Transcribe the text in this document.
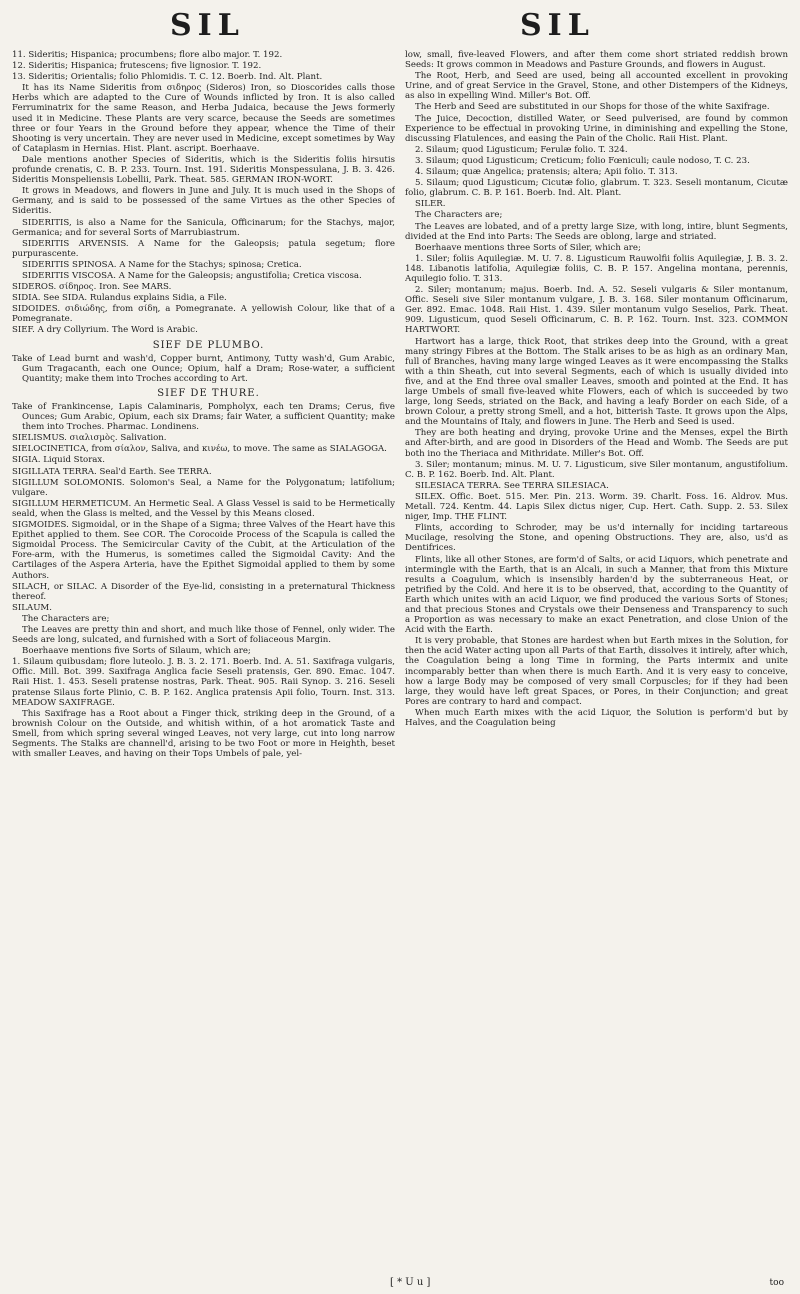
SIL	SIL

11. Sideritis; Hispanica; procumbens; flore albo major. T. 192.

12. Sideritis; Hispanica; frutescens; five lignosior. T. 192.

13. Sideritis; Orientalis; folio Phlomidis. T. C. 12. Boerb. Ind. Alt. Plant.

It has its Name Sideritis from σιδηρος (Sideros) Iron, so Dioscorides calls those Herbs which are adapted to the Cure of Wounds inflicted by Iron. It is also called Ferruminatrix for the same Reason, and Herba Judaica, because the Jews formerly used it in Medicine. These Plants are very scarce, because the Seeds are sometimes three or four Years in the Ground before they appear, whence the Time of their Shooting is very uncertain. They are never used in Medicine, except sometimes by Way of Cataplasm in Hernias. Hist. Plant. ascript. Boerhaave.

Dale mentions another Species of Sideritis, which is the Sideritis foliis hirsutis profunde crenatis, C. B. P. 233. Tourn. Inst. 191. Sideritis Monspessulana, J. B. 3. 426. Sideritis Monspeliensis Lobellii, Park. Theat. 585. GERMAN IRON-WORT.

It grows in Meadows, and flowers in June and July. It is much used in the Shops of Germany, and is said to be possessed of the same Virtues as the other Species of Sideritis.

SIDERITIS, is also a Name for the Sanicula, Officinarum; for the Stachys, major, Germanica; and for several Sorts of Marrubiastrum.

SIDERITIS ARVENSIS. A Name for the Galeopsis; patula segetum; flore purpurascente.

SIDERITIS SPINOSA. A Name for the Stachys; spinosa; Cretica.

SIDERITIS VISCOSA. A Name for the Galeopsis; angustifolia; Cretica viscosa.

SIDEROS. σίδηρος. Iron. See MARS.

SIDIA. See SIDA. Rulandus explains Sidia, a File.

SIDOIDES. σιδιώδης, from σίδη, a Pomegranate. A yellowish Colour, like that of a Pomegranate.

SIEF. A dry Collyrium. The Word is Arabic.

SIEF DE PLUMBO.

Take of Lead burnt and wash'd, Copper burnt, Antimony, Tutty wash'd, Gum Arabic, Gum Tragacanth, each one Ounce; Opium, half a Dram; Rose-water, a sufficient Quantity; make them into Troches according to Art.

SIEF DE THURE.

Take of Frankincense, Lapis Calaminaris, Pompholyx, each ten Drams; Cerus, five Ounces; Gum Arabic, Opium, each six Drams; fair Water, a sufficient Quantity; make them into Troches. Pharmac. Londinens.

SIELISMUS. σιαλισμὸς. Salivation.

SIELOCINETICA, from σίαλον, Saliva, and κινέω, to move. The same as SIALAGOGA.

SIGIA. Liquid Storax.

SIGILLATA TERRA. Seal'd Earth. See TERRA.

SIGILLUM SOLOMONIS. Solomon's Seal, a Name for the Polygonatum; latifolium; vulgare.

SIGILLUM HERMETICUM. An Hermetic Seal. A Glass Vessel is said to be Hermetically seald, when the Glass is melted, and the Vessel by this Means closed.

SIGMOIDES. Sigmoidal, or in the Shape of a Sigma; three Valves of the Heart have this Epithet applied to them. See COR. The Corocoide Process of the Scapula is called the Sigmoidal Process. The Semicircular Cavity of the Cubit, at the Articulation of the Fore-arm, with the Humerus, is sometimes called the Sigmoidal Cavity: And the Cartilages of the Aspera Arteria, have the Epithet Sigmoidal applied to them by some Authors.

SILACH, or SILAC. A Disorder of the Eye-lid, consisting in a preternatural Thickness thereof.

SILAUM.

The Characters are;

The Leaves are pretty thin and short, and much like those of Fennel, only wider. The Seeds are long, sulcated, and furnished with a Sort of foliaceous Margin.

Boerhaave mentions five Sorts of Silaum, which are;

1. Silaum quibusdam; flore luteolo. J. B. 3. 2. 171. Boerb. Ind. A. 51. Saxifraga vulgaris, Offic. Mill. Bot. 399. Saxifraga Anglica facie Seseli pratensis, Ger. 890. Emac. 1047. Raii Hist. 1. 453. Seseli pratense nostras, Park. Theat. 905. Raii Synop. 3. 216. Seseli pratense Silaus forte Plinio, C. B. P. 162. Anglica pratensis Apii folio, Tourn. Inst. 313. MEADOW SAXIFRAGE.

This Saxifrage has a Root about a Finger thick, striking deep in the Ground, of a brownish Colour on the Outside, and whitish within, of a hot aromatick Taste and Smell, from which spring several winged Leaves, not very large, cut into long narrow Segments. The Stalks are channell'd, arising to be two Foot or more in Heighth, beset with smaller Leaves, and having on their Tops Umbels of pale, yel-

low, small, five-leaved Flowers, and after them come short striated reddish brown Seeds: It grows common in Meadows and Pasture Grounds, and flowers in August.

The Root, Herb, and Seed are used, being all accounted excellent in provoking Urine, and of great Service in the Gravel, Stone, and other Distempers of the Kidneys, as also in expelling Wind. Miller's Bot. Off.

The Herb and Seed are substituted in our Shops for those of the white Saxifrage.

The Juice, Decoction, distilled Water, or Seed pulverised, are found by common Experience to be effectual in provoking Urine, in diminishing and expelling the Stone, discussing Flatulences, and easing the Pain of the Cholic. Raii Hist. Plant.

2. Silaum; quod Ligusticum; Ferulæ folio. T. 324.

3. Silaum; quod Ligusticum; Creticum; folio Fœniculi; caule nodoso, T. C. 23.

4. Silaum; quæ Angelica; pratensis; altera; Apii folio. T. 313.

5. Silaum; quod Ligusticum; Cicutæ folio, glabrum. T. 323. Seseli montanum, Cicutæ folio, glabrum. C. B. P. 161. Boerb. Ind. Alt. Plant.

SILER.

The Characters are;

The Leaves are lobated, and of a pretty large Size, with long, intire, blunt Segments, divided at the End into Parts: The Seeds are oblong, large and striated.

Boerhaave mentions three Sorts of Siler, which are;

1. Siler; foliis Aquilegiæ. M. U. 7. 8. Ligusticum Rauwolfii foliis Aquilegiæ, J. B. 3. 2. 148. Libanotis latifolia, Aquilegiæ foliis, C. B. P. 157. Angelina montana, perennis, Aquilegio folio. T. 313.

2. Siler; montanum; majus. Boerb. Ind. A. 52. Seseli vulgaris & Siler montanum, Offic. Seseli sive Siler montanum vulgare, J. B. 3. 168. Siler montanum Officinarum, Ger. 892. Emac. 1048. Raii Hist. 1. 439. Siler montanum vulgo Seselios, Park. Theat. 909. Ligusticum, quod Seseli Officinarum, C. B. P. 162. Tourn. Inst. 323. COMMON HARTWORT.

Hartwort has a large, thick Root, that strikes deep into the Ground, with a great many stringy Fibres at the Bottom. The Stalk arises to be as high as an ordinary Man, full of Branches, having many large winged Leaves as it were encompassing the Stalks with a thin Sheath, cut into several Segments, each of which is usually divided into five, and at the End three oval smaller Leaves, smooth and pointed at the End. It has large Umbels of small five-leaved white Flowers, each of which is succeeded by two large, long Seeds, striated on the Back, and having a leafy Border on each Side, of a brown Colour, a pretty strong Smell, and a hot, bitterish Taste. It grows upon the Alps, and the Mountains of Italy, and flowers in June. The Herb and Seed is used.

They are both heating and drying, provoke Urine and the Menses, expel the Birth and After-birth, and are good in Disorders of the Head and Womb. The Seeds are put both ino the Theriaca and Mithridate. Miller's Bot. Off.

3. Siler; montanum; minus. M. U. 7. Ligusticum, sive Siler montanum, angustifolium. C. B. P. 162. Boerb. Ind. Alt. Plant.

SILESIACA TERRA. See TERRA SILESIACA.

SILEX. Offic. Boet. 515. Mer. Pin. 213. Worm. 39. Charlt. Foss. 16. Aldrov. Mus. Metall. 724. Kentm. 44. Lapis Silex dictus niger, Cup. Hert. Cath. Supp. 2. 53. Silex niger, Imp. THE FLINT.

Flints, according to Schroder, may be us'd internally for inciding tartareous Mucilage, resolving the Stone, and opening Obstructions. They are, also, us'd as Dentifrices.

Flints, like all other Stones, are form'd of Salts, or acid Liquors, which penetrate and intermingle with the Earth, that is an Alcali, in such a Manner, that from this Mixture results a Coagulum, which is insensibly harden'd by the subterraneous Heat, or petrified by the Cold. And here it is to be observed, that, according to the Quantity of Earth which unites with an acid Liquor, we find produced the various Sorts of Stones; and that precious Stones and Crystals owe their Denseness and Transparency to such a Proportion as was necessary to make an exact Penetration, and close Union of the Acid with the Earth.

It is very probable, that Stones are hardest when but Earth mixes in the Solution, for then the acid Water acting upon all Parts of that Earth, dissolves it intirely, after which, the Coagulation being a long Time in forming, the Parts intermix and unite incomparably better than when there is much Earth. And it is very easy to conceive, how a large Body may be composed of very small Corpuscles; for if they had been large, they would have left great Spaces, or Pores, in their Conjunction; and great Pores are contrary to hard and compact.

When much Earth mixes with the acid Liquor, the Solution is perform'd but by Halves, and the Coagulation being

[ * U u ]	too
